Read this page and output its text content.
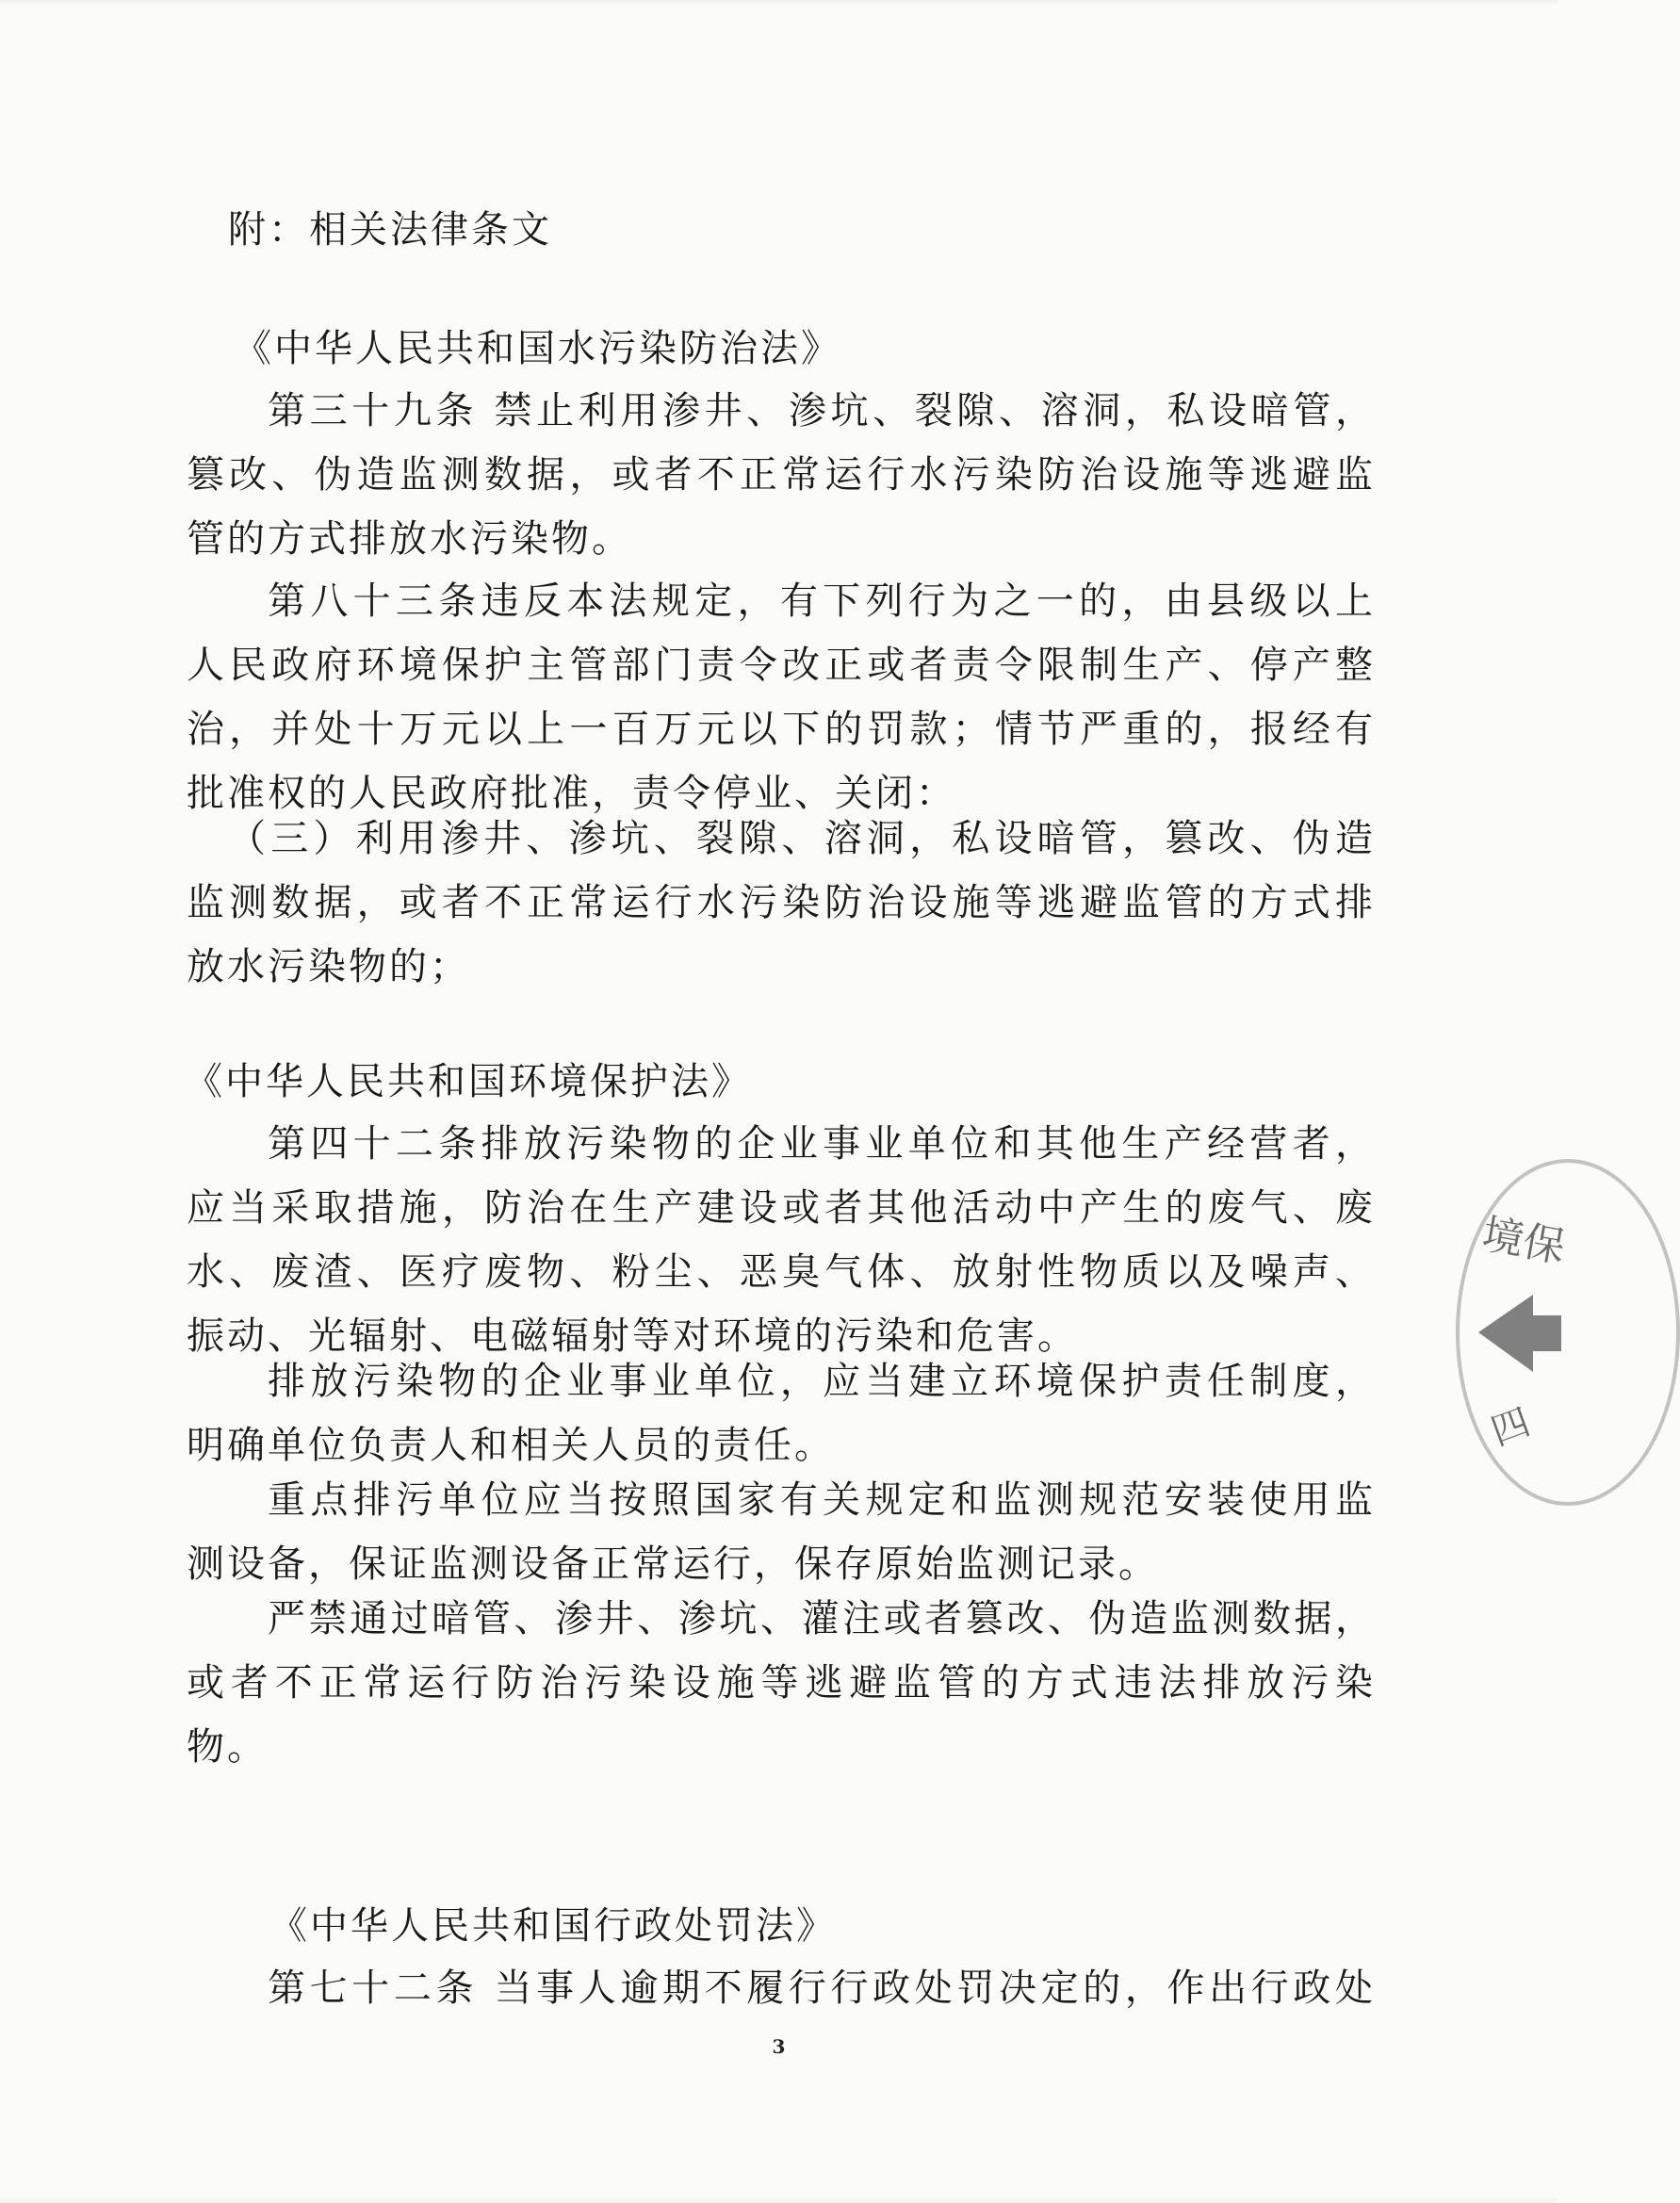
附：相关法律条文
《中华人民共和国水污染防治法》
第三十九条 禁止利用渗井、渗坑、裂隙、溶洞，私设暗管，
篡改、伪造监测数据，或者不正常运行水污染防治设施等逃避监
管的方式排放水污染物。
第八十三条违反本法规定，有下列行为之一的，由县级以上
人民政府环境保护主管部门责令改正或者责令限制生产、停产整
治，并处十万元以上一百万元以下的罚款；情节严重的，报经有
批准权的人民政府批准，责令停业、关闭：
（三）利用渗井、渗坑、裂隙、溶洞，私设暗管，篡改、伪造
监测数据，或者不正常运行水污染防治设施等逃避监管的方式排
放水污染物的；
《中华人民共和国环境保护法》
第四十二条排放污染物的企业事业单位和其他生产经营者，
应当采取措施，防治在生产建设或者其他活动中产生的废气、废
水、废渣、医疗废物、粉尘、恶臭气体、放射性物质以及噪声、
振动、光辐射、电磁辐射等对环境的污染和危害。
排放污染物的企业事业单位，应当建立环境保护责任制度，
明确单位负责人和相关人员的责任。
重点排污单位应当按照国家有关规定和监测规范安装使用监
测设备，保证监测设备正常运行，保存原始监测记录。
严禁通过暗管、渗井、渗坑、灌注或者篡改、伪造监测数据，
或者不正常运行防治污染设施等逃避监管的方式违法排放污染
物。
《中华人民共和国行政处罚法》
第七十二条 当事人逾期不履行行政处罚决定的，作出行政处
3
境保
四
